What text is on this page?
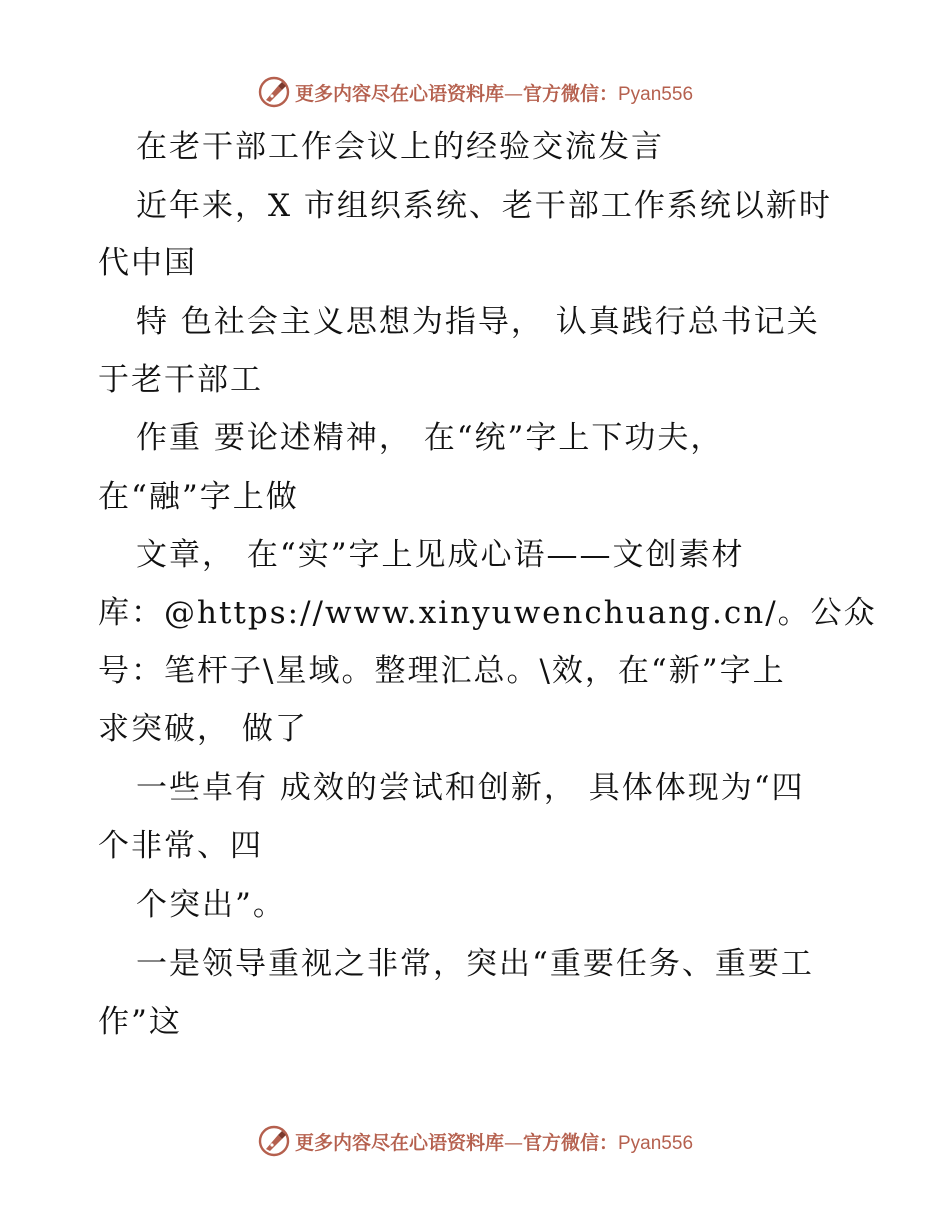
更多内容尽在心语资料库—官方微信：Pyan556
在老干部工作会议上的经验交流发言
近年来，X 市组织系统、老干部工作系统以新时
代中国
特 色社会主义思想为指导， 认真践行总书记关
于老干部工
作重 要论述精神， 在“统”字上下功夫，
在“融”字上做
文章， 在“实”字上见成心语——文创素材
库：@https://www.xinyuwenchuang.cn/。公众
号：笔杆子\星域。整理汇总。\效，在“新”字上
求突破， 做了
一些卓有 成效的尝试和创新， 具体体现为“四
个非常、四
个突出”。
一是领导重视之非常，突出“重要任务、重要工
作”这
更多内容尽在心语资料库—官方微信：Pyan556
